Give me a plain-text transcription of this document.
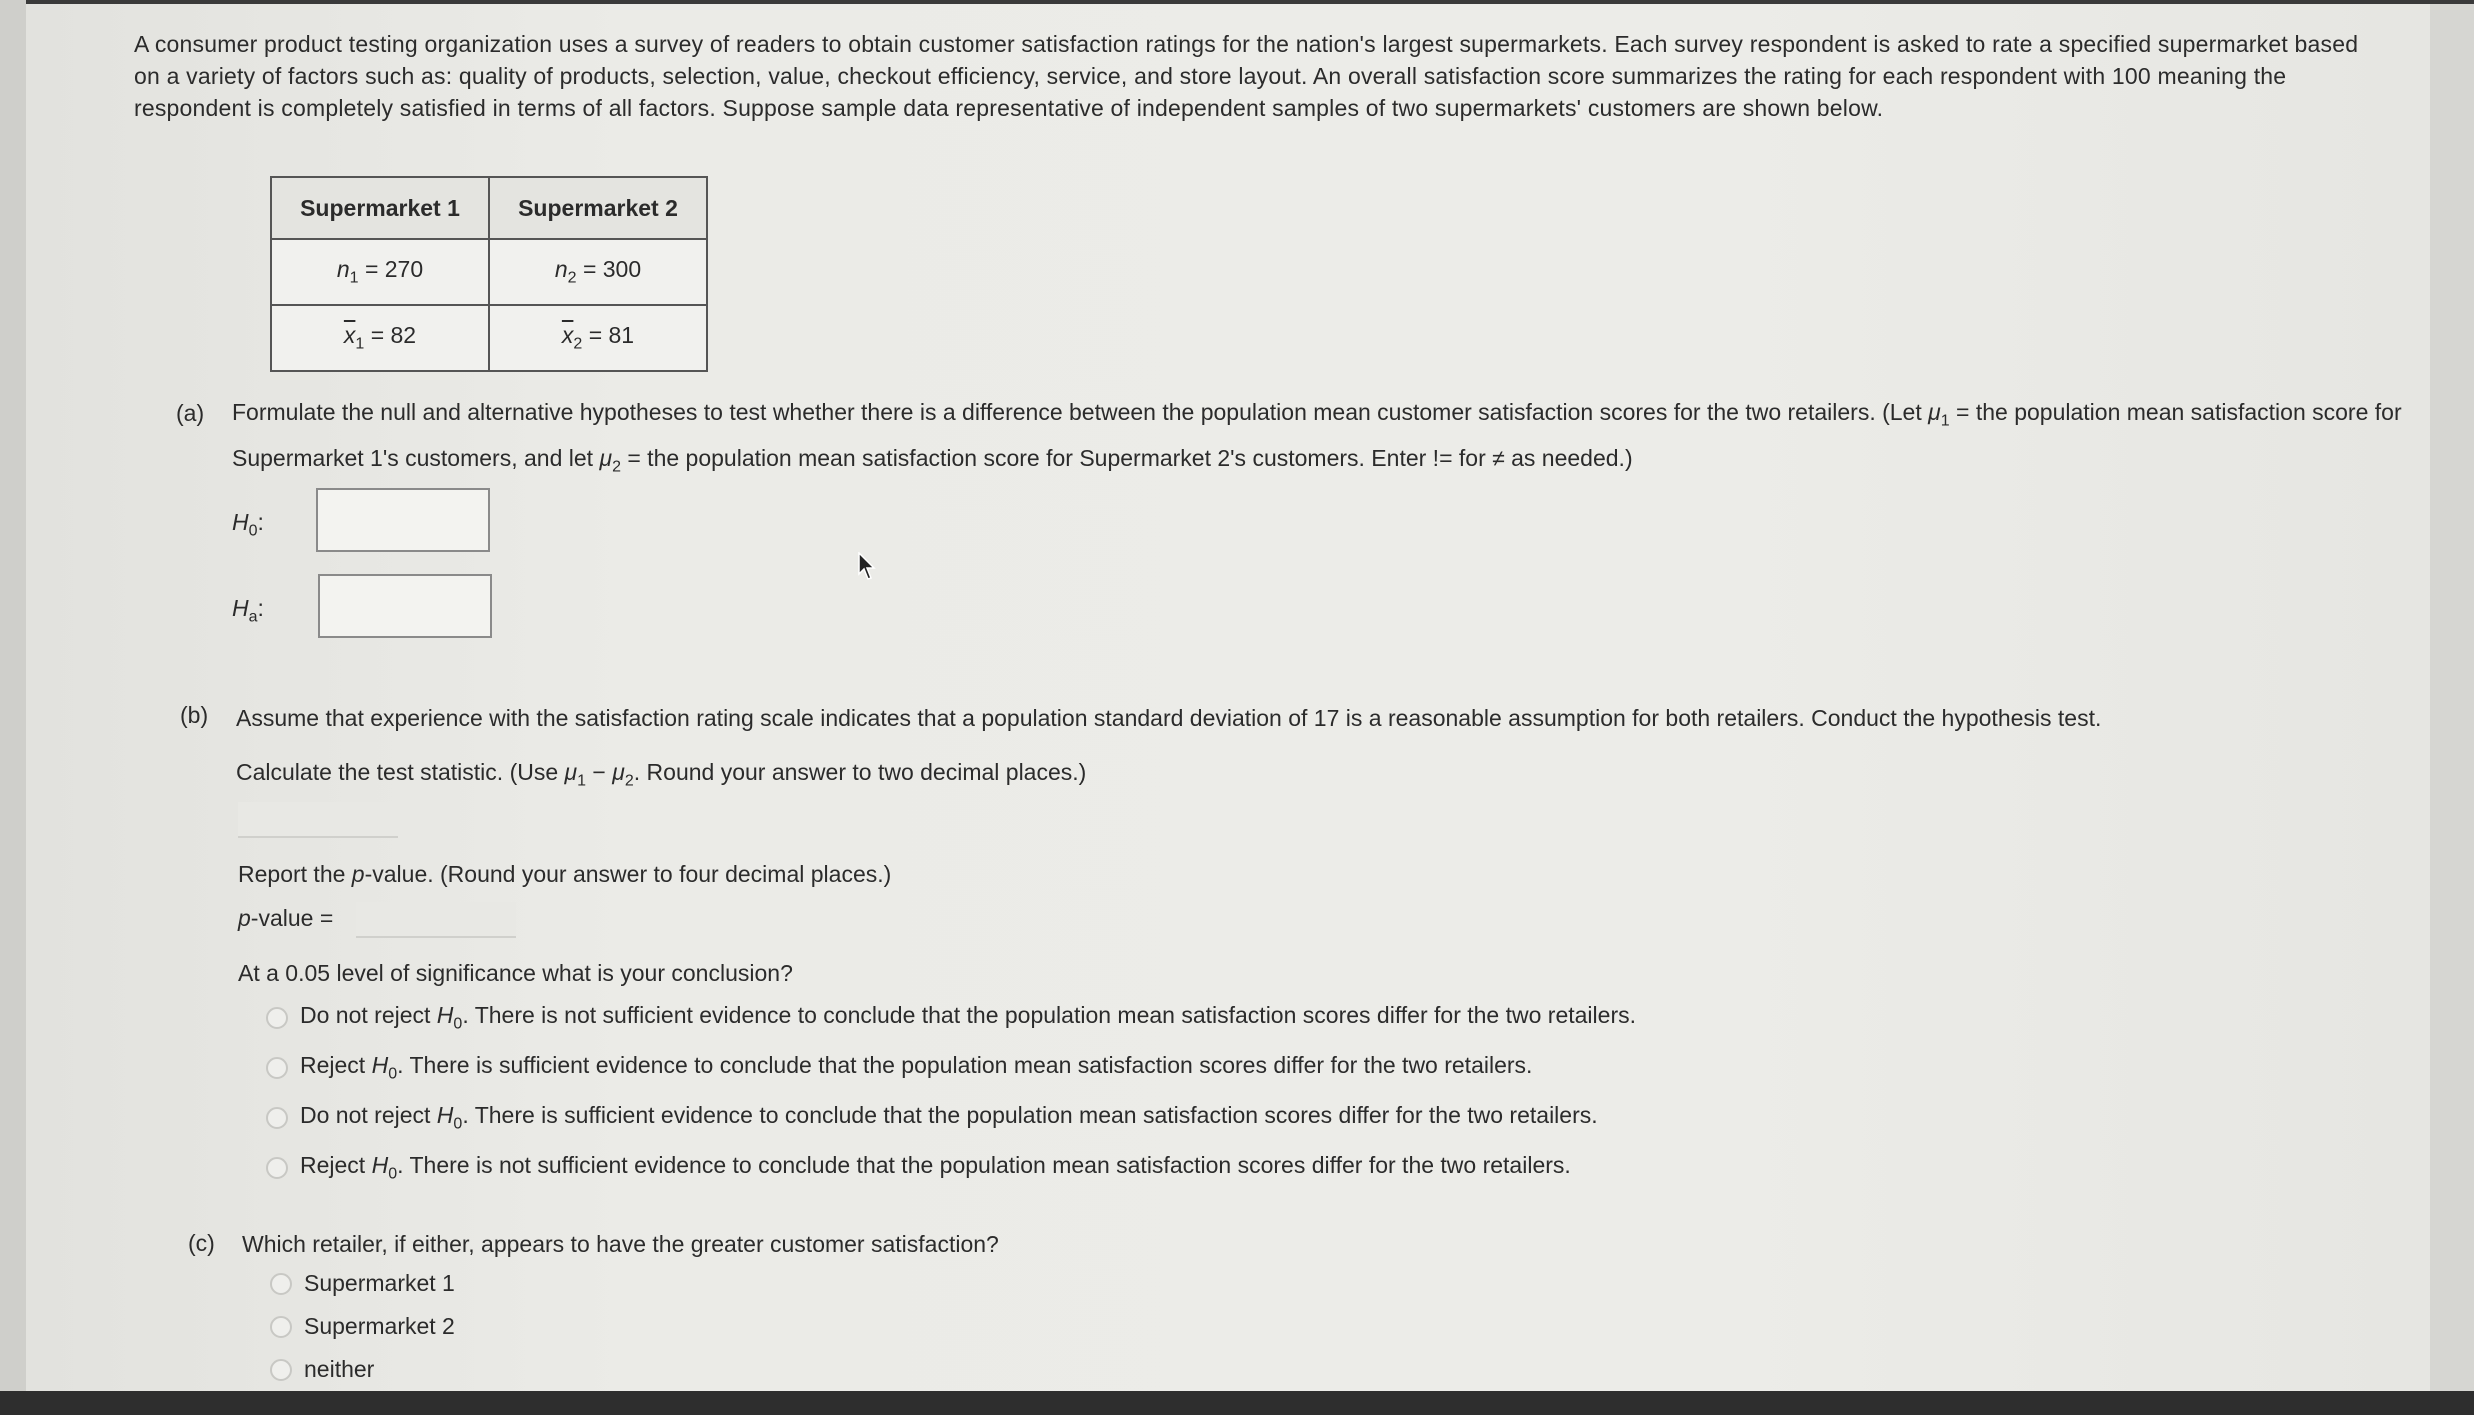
A consumer product testing organization uses a survey of readers to obtain customer satisfaction ratings for the nation's largest supermarkets. Each survey respondent is asked to rate a specified supermarket based on a variety of factors such as: quality of products, selection, value, checkout efficiency, service, and store layout. An overall satisfaction score summarizes the rating for each respondent with 100 meaning the respondent is completely satisfied in terms of all factors. Suppose sample data representative of independent samples of two supermarkets' customers are shown below.
Supermarket 1	Supermarket 2
$n_1 = 270$	$n_2 = 300$
$\overline{x}_1 = 82$	$\overline{x}_2 = 81$
(a) Formulate the null and alternative hypotheses to test whether there is a difference between the population mean customer satisfaction scores for the two retailers. (Let $\mu_1$ = the population mean satisfaction score for Supermarket 1's customers, and let $\mu_2$ = the population mean satisfaction score for Supermarket 2's customers. Enter != for ≠ as needed.)
$H_0$:
$H_a$:
(b) Assume that experience with the satisfaction rating scale indicates that a population standard deviation of 17 is a reasonable assumption for both retailers. Conduct the hypothesis test.
Calculate the test statistic. (Use $\mu_1 - \mu_2$. Round your answer to two decimal places.)
Report the p-value. (Round your answer to four decimal places.)
p-value =
At a 0.05 level of significance what is your conclusion?
Do not reject $H_0$. There is not sufficient evidence to conclude that the population mean satisfaction scores differ for the two retailers.
Reject $H_0$. There is sufficient evidence to conclude that the population mean satisfaction scores differ for the two retailers.
Do not reject $H_0$. There is sufficient evidence to conclude that the population mean satisfaction scores differ for the two retailers.
Reject $H_0$. There is not sufficient evidence to conclude that the population mean satisfaction scores differ for the two retailers.
(c) Which retailer, if either, appears to have the greater customer satisfaction?
Supermarket 1
Supermarket 2
neither
